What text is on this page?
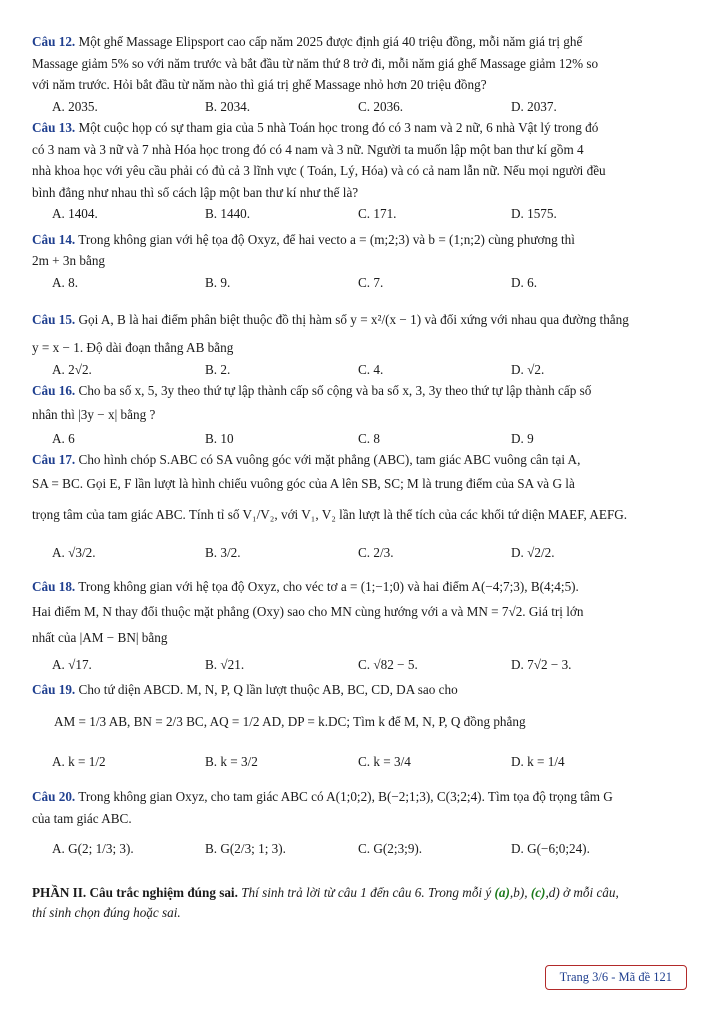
Câu 12. Một ghế Massage Elipsport cao cấp năm 2025 được định giá 40 triệu đồng, mỗi năm giá trị ghế
Massage giảm 5% so với năm trước và bắt đầu từ năm thứ 8 trở đi, mỗi năm giá ghế Massage giảm 12% so
với năm trước. Hỏi bắt đầu từ năm nào thì giá trị ghế Massage nhỏ hơn 20 triệu đồng?
A. 2035.	B. 2034.	C. 2036.	D. 2037.
Câu 13. Một cuộc họp có sự tham gia của 5 nhà Toán học trong đó có 3 nam và 2 nữ, 6 nhà Vật lý trong đó
có 3 nam và 3 nữ và 7 nhà Hóa học trong đó có 4 nam và 3 nữ. Người ta muốn lập một ban thư kí gồm 4
nhà khoa học với yêu cầu phải có đủ cả 3 lĩnh vực ( Toán, Lý, Hóa) và có cả nam lẫn nữ. Nếu mọi người đều
bình đẳng như nhau thì số cách lập một ban thư kí như thế là?
A. 1404.	B. 1440.	C. 171.	D. 1575.
Câu 14. Trong không gian với hệ tọa độ Oxyz, để hai vecto a = (m;2;3) và b = (1;n;2) cùng phương thì
2m + 3n bằng
A. 8.	B. 9.	C. 7.	D. 6.
Câu 15. Gọi A, B là hai điểm phân biệt thuộc đồ thị hàm số y = x²/(x − 1) và đối xứng với nhau qua đường thẳng
y = x − 1. Độ dài đoạn thẳng AB bằng
A. 2√2.	B. 2.	C. 4.	D. √2.
Câu 16. Cho ba số x, 5, 3y theo thứ tự lập thành cấp số cộng và ba số x, 3, 3y theo thứ tự lập thành cấp số
nhân thì |3y − x| bằng ?
A. 6	B. 10	C. 8	D. 9
Câu 17. Cho hình chóp S.ABC có SA vuông góc với mặt phẳng (ABC), tam giác ABC vuông cân tại A,
SA = BC. Gọi E, F lần lượt là hình chiếu vuông góc của A lên SB, SC; M là trung điểm của SA và G là
trọng tâm của tam giác ABC. Tính tỉ số V₁/V₂, với V₁, V₂ lần lượt là thể tích của các khối tứ diện MAEF, AEFG.
A. √3/2.	B. 3/2.	C. 2/3.	D. √2/2.
Câu 18. Trong không gian với hệ tọa độ Oxyz, cho véc tơ a = (1;−1;0) và hai điểm A(−4;7;3), B(4;4;5).
Hai điểm M, N thay đổi thuộc mặt phẳng (Oxy) sao cho MN cùng hướng với a và MN = 7√2. Giá trị lớn
nhất của |AM − BN| bằng
A. √17.	B. √21.	C. √82 − 5.	D. 7√2 − 3.
Câu 19. Cho tứ diện ABCD. M, N, P, Q lần lượt thuộc AB, BC, CD, DA sao cho
AM = 1/3 AB, BN = 2/3 BC, AQ = 1/2 AD, DP = k.DC; Tìm k để M, N, P, Q đồng phẳng
A. k = 1/2	B. k = 3/2	C. k = 3/4	D. k = 1/4
Câu 20. Trong không gian Oxyz, cho tam giác ABC có A(1;0;2), B(−2;1;3), C(3;2;4). Tìm tọa độ trọng tâm G
của tam giác ABC.
A. G(2; 1/3; 3).	B. G(2/3; 1; 3).	C. G(2;3;9).	D. G(−6;0;24).
PHẦN II. Câu trắc nghiệm đúng sai. Thí sinh trả lời từ câu 1 đến câu 6. Trong mỗi ý (a),b), (c),d) ở mỗi câu,
thí sinh chọn đúng hoặc sai.
Trang 3/6 - Mã đề 121
